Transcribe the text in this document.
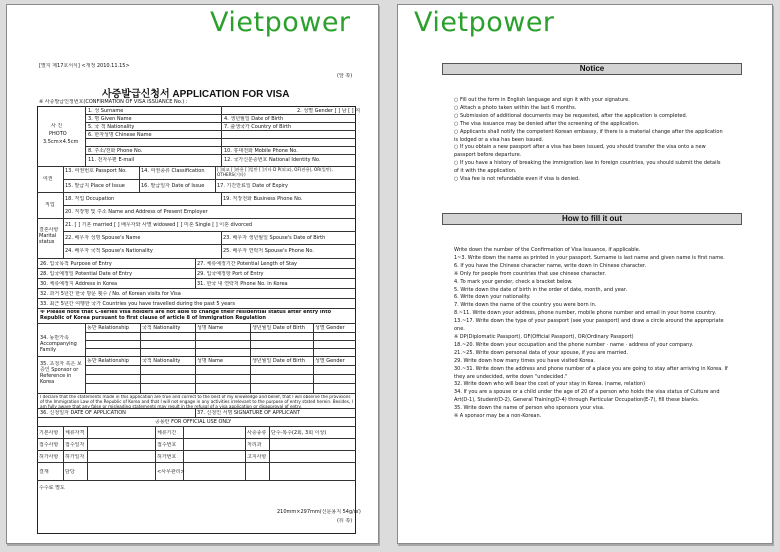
Vietpower
[별지 제17호서식] <개정 2010.11.15>
(앞 쪽)
사증발급신청서 APPLICATION FOR VISA
※ 사증발급인정번호(CONFIRMATION OF VISA ISSUANCE No.) :
사 진
PHOTO
3.5cm×4.5cm
1. 성 Surname	2. 성별 Gender [ ] 남 [ ] 여
3. 명 Given Name	4. 생년월일 Date of Birth
5. 국 적 Nationality	7. 출생국가 Country of Birth
6. 한자성명 Chinese Name
8. 주소/전화 Phone No.	10. 휴대전화 Mobile Phone No.
11. 전자우편 E-mail	12. 국가신분증번호 National Identity No.
여권
13. 여권번호 Passport No.	14. 여권종류 Classification	[ ]외교 [ ]관용 [ ]일반 [ ]기타 D P(외교), OF(관용), OR(일반), OTHERS(기타)
15. 발급지 Place of Issue	16. 발급일자 Date of Issue	17. 기간만료일 Date of Expiry
직업
18. 직업 Occupation	19. 직장전화 Business Phone No.
20. 직장명 및 주소 Name and Address of Present Employer
결혼사항 Marital status
21. [ ] 기혼 married [ ] 배우자와 사별 widowed [ ] 미혼 Single [ ] 이혼 divorced
22. 배우자 성명 Spouse's Name	23. 배우자 생년월일 Spouse's Date of Birth
24. 배우자 국적 Spouse's Nationality	25. 배우자 연락처 Spouse's Phone No.
26. 입국목적 Purpose of Entry	27. 체류예정기간 Potential Length of Stay
28. 입국예정일 Potential Date of Entry	29. 입국예정항 Port of Entry
30. 체류예정지 Address in Korea	31. 한국 내 연락처 Phone No. in Korea
32. 과거 5년간 한국 방문 횟수 / No. of Korean visits for Visa
33. 최근 5년간 여행한 국가 Countries you have travelled during the past 5 years
※ Please note that C-series visa holders are not able to change their residential status after entry into Republic of Korea pursuant to first clause of article 8 of Immigration Regulation
34. 동반가족 Accompanying Family
동반 Relationship	국적 Nationality	성명 Name	생년월일 Date of Birth 성별 Gender
35. 초청자 혹은 보증인 Sponsor or Reference in Korea
동반 Relationship	국적 Nationality	성명 Name	생년월일 Date of Birth 성별 Gender
I declare that the statements made in this application are true and correct to the best of my knowledge and belief, that I will observe the provisions of the Immigration Law of the Republic of Korea and that I will not engage in any activities irrelevant to the purpose of entry stated herein. Besides, I am fully aware that any false or misleading statements may result in the refusal of a visa application or disapproval of entry.
36. 신청일자 DATE OF APPLICATION	37. 신청인 서명 SIGNATURE OF APPLICANT
공용란 FOR OFFICIAL USE ONLY
기본사항 체류자격	체류기간	사증종류 단수·복수(2회, 3회 이상)
접수사항 접수일자	접수번호	처리과
허가사항 허가일자	허가번호	고지사항
결재	담당	<사무관리>
수수료 별도
210mm×297mm(신문용지 54g/㎡)
(뒤 쪽)
Vietpower
Notice
○ Fill out the form in English language and sign it with your signature.
○ Attach a photo taken within the last 6 months.
○ Submission of additional documents may be requested, after the application is completed.
○ The visa issuance may be denied after the screening of the application.
○ Applicants shall notify the competent Korean embassy, if there is a material change after the application is lodged or a visa has been issued.
○ If you obtain a new passport after a visa has been issued, you should transfer the visa onto a new passport before departure.
○ If you have a history of breaking the immigration law in foreign countries, you should submit the details of it with the application.
○ Visa fee is not refundable even if visa is denied.
How to fill it out
Write down the number of the Confirmation of Visa Issuance, if applicable.
1~3. Write down the name as printed in your passport. Surname is last name and given name is first name.
6. If you have the Chinese character name, write down in Chinese character.
※ Only for people from countries that use chinese character.
4. To mark your gender, check a bracket below.
5. Write down the date of birth in the order of date, month, and year.
6. Write down your nationality.
7. Write down the name of the country you were born in.
8.~11. Write down your address, phone number, mobile phone number and email in your home country.
13.~17. Write down the type of your passport (see your passport) and draw a circle around the appropriate one.
※ DP(Diplomatic Passport), OF(Official Passport), OR(Ordinary Passport)
18.~20. Write down your occupation and the phone number · name · address of your company.
21.~25. Write down personal data of your spouse, if you are married.
29. Write down how many times you have visited Korea.
30.~31. Write down the address and phone number of a place you are going to stay after arriving in Korea. If they are undecided, write down "undecided."
32. Write down who will bear the cost of your stay in Korea. (name, relation)
34. If you are a spouse or a child under the age of 20 of a person who holds the visa status of Culture and Art(D-1), Student(D-2), General Training(D-4) through Particular Occupation(E-7), fill these blanks.
35. Write down the name of person who sponsors your visa.
※ A sponsor may be a non-Korean.
